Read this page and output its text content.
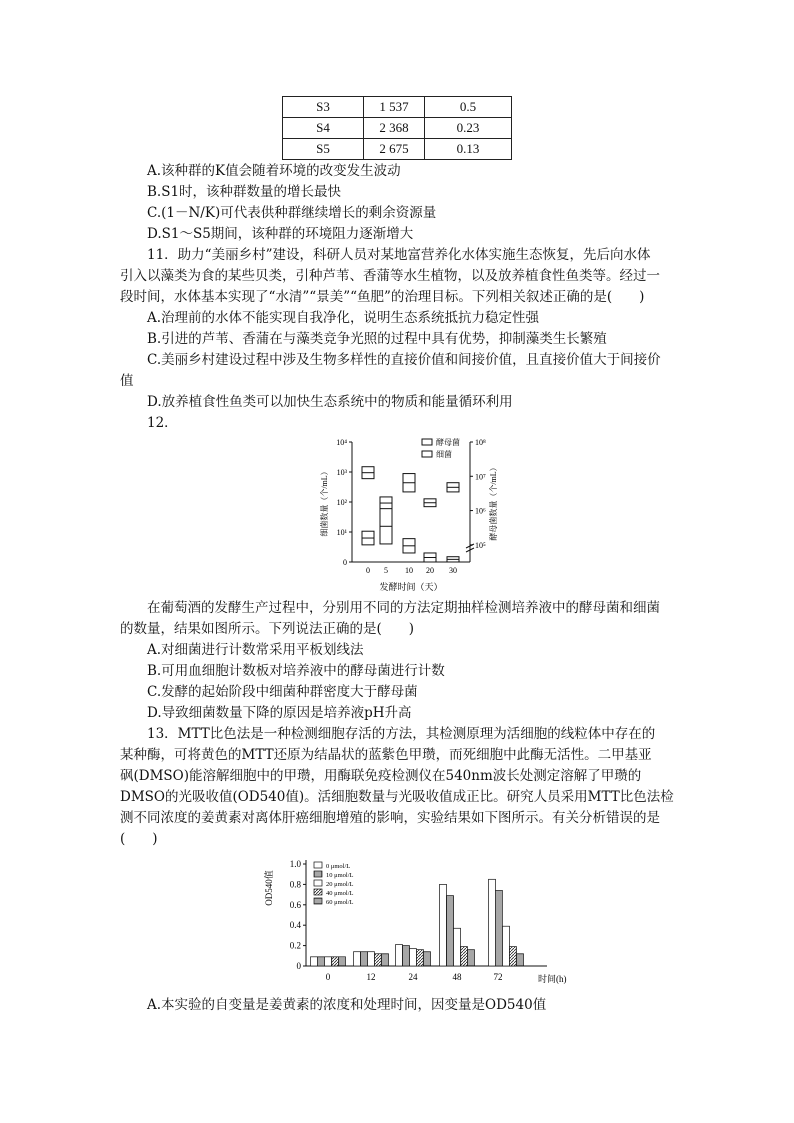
S3	1 537	0.5
S4	2 368	0.23
S5	2 675	0.13
A.该种群的K值会随着环境的改变发生波动
B.S1时，该种群数量的增长最快
C.(1－N/K)可代表供种群继续增长的剩余资源量
D.S1～S5期间，该种群的环境阻力逐渐增大
11．助力“美丽乡村”建设，科研人员对某地富营养化水体实施生态恢复，先后向水体
引入以藻类为食的某些贝类，引种芦苇、香蒲等水生植物，以及放养植食性鱼类等。经过一
段时间，水体基本实现了“水清”“景美”“鱼肥”的治理目标。下列相关叙述正确的是(　　)
A.治理前的水体不能实现自我净化，说明生态系统抵抗力稳定性强
B.引进的芦苇、香蒲在与藻类竞争光照的过程中具有优势，抑制藻类生长繁殖
C.美丽乡村建设过程中涉及生物多样性的直接价值和间接价值，且直接价值大于间接价
值
D.放养植食性鱼类可以加快生态系统中的物质和能量循环利用
12．
0
10¹
10²
10³
10⁴
10⁵
10⁶
10⁷
10⁸
0 5 10 20 30
酵母菌
细菌
细菌数量（个/mL）	酵母菌数量（个/mL）
发酵时间（天）
在葡萄酒的发酵生产过程中，分别用不同的方法定期抽样检测培养液中的酵母菌和细菌
的数量，结果如图所示。下列说法正确的是(　　)
A.对细菌进行计数常采用平板划线法
B.可用血细胞计数板对培养液中的酵母菌进行计数
C.发酵的起始阶段中细菌种群密度大于酵母菌
D.导致细菌数量下降的原因是培养液pH升高
13．MTT比色法是一种检测细胞存活的方法，其检测原理为活细胞的线粒体中存在的
某种酶，可将黄色的MTT还原为结晶状的蓝紫色甲瓒，而死细胞中此酶无活性。二甲基亚
砜(DMSO)能溶解细胞中的甲瓒，用酶联免疫检测仪在540nm波长处测定溶解了甲瓒的
DMSO的光吸收值(OD540值)。活细胞数量与光吸收值成正比。研究人员采用MTT比色法检
测不同浓度的姜黄素对离体肝癌细胞增殖的影响，实验结果如下图所示。有关分析错误的是
(　　)
0
0.2
0.4
0.6
0.8
1.0
0	12	24	48	72
0 μmol/L
10 μmol/L
20 μmol/L
40 μmol/L
60 μmol/L
OD540值
时间(h)
A.本实验的自变量是姜黄素的浓度和处理时间，因变量是OD540值
